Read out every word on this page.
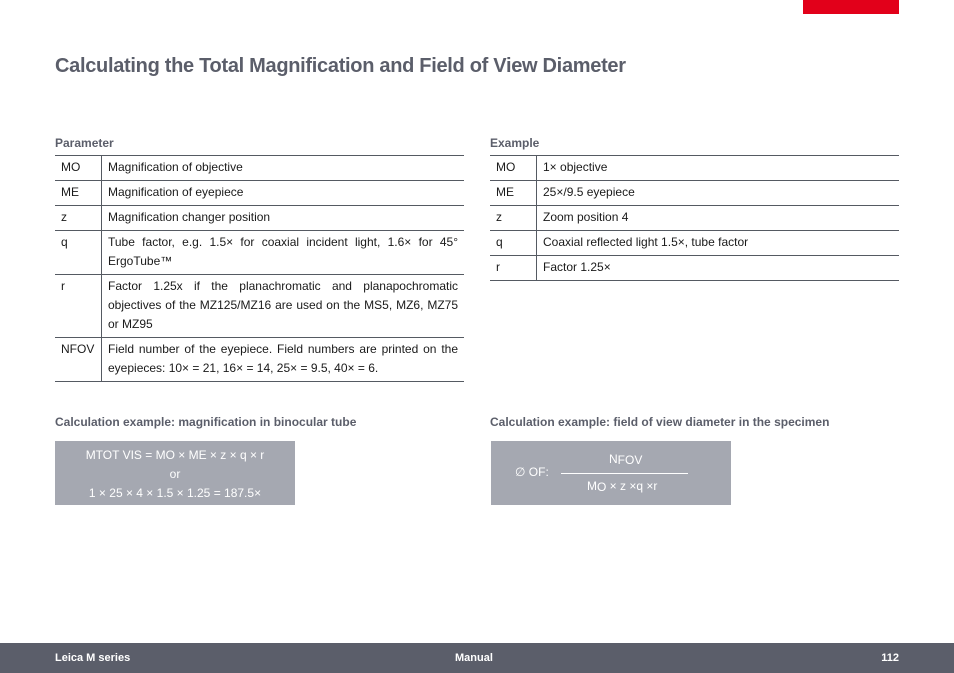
Calculating the Total Magnification and Field of View Diameter
Parameter
MO	Magnification of objective
ME	Magnification of eyepiece
z	Magnification changer position
q	Tube factor, e.g. 1.5× for coaxial incident light, 1.6× for 45° ErgoTube™
r	Factor 1.25x if the planachromatic and planapochromatic objectives of the MZ125/MZ16 are used on the MS5, MZ6, MZ75 or MZ95
NFOV	Field number of the eyepiece. Field numbers are printed on the eyepieces: 10× = 21, 16× = 14, 25× = 9.5, 40× = 6.
Example
MO	1× objective
ME	25×/9.5 eyepiece
z	Zoom position 4
q	Coaxial reflected light 1.5×, tube factor
r	Factor 1.25×
Calculation example: magnification in binocular tube
MTOT VIS = MO × ME × z × q × r
or
1 × 25 × 4 × 1.5 × 1.25 = 187.5×
Calculation example: field of view diameter in the specimen
∅ OF:
$N_{FOV}$
$M_O \times z \times q \times r$
Leica M series	Manual	112
